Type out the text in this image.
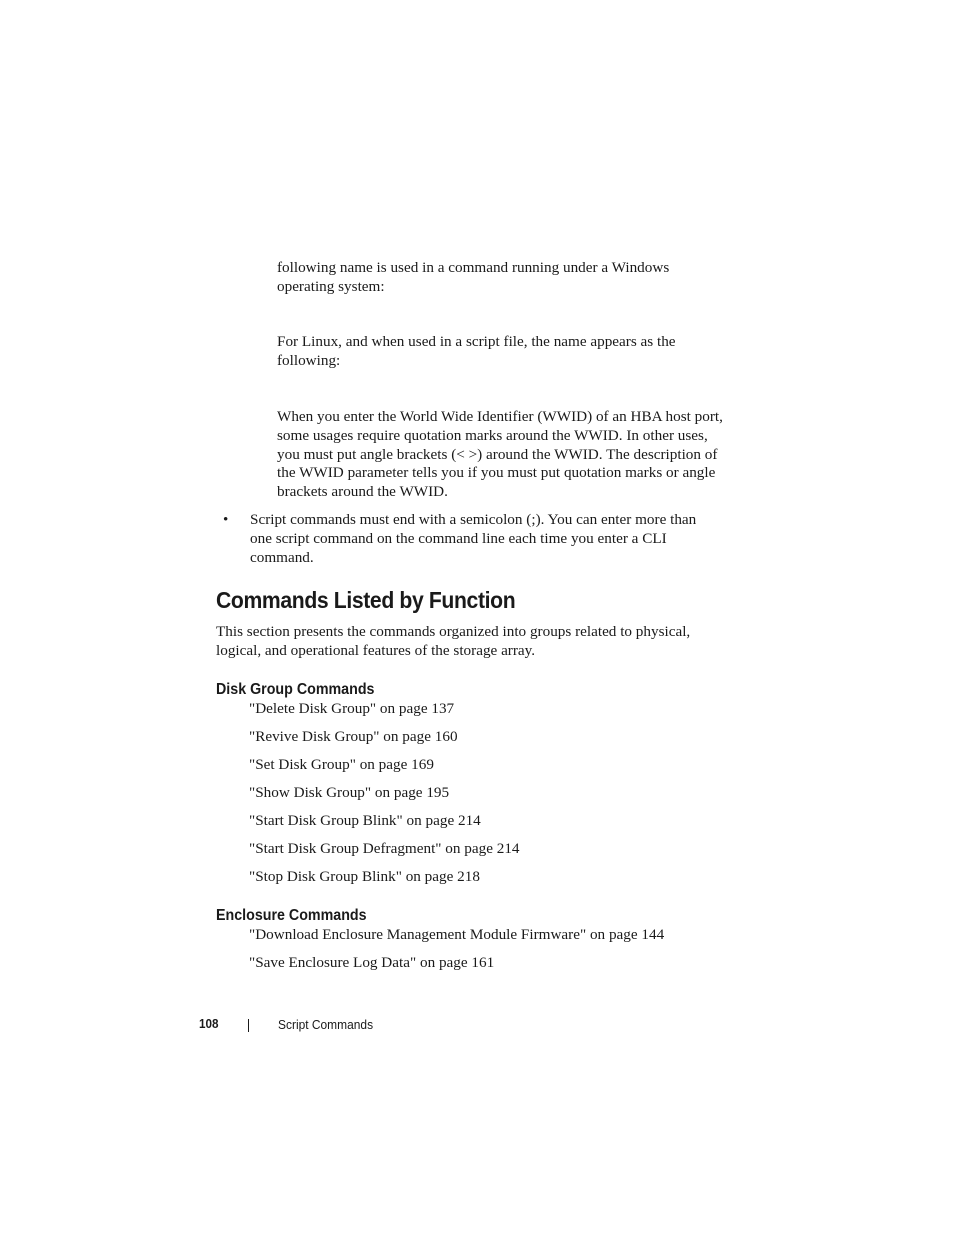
following name is used in a command running under a Windows operating system:

For Linux, and when used in a script file, the name appears as the following:

When you enter the World Wide Identifier (WWID) of an HBA host port, some usages require quotation marks around the WWID. In other uses, you must put angle brackets (< >) around the WWID. The description of the WWID parameter tells you if you must put quotation marks or angle brackets around the WWID.

• Script commands must end with a semicolon (;). You can enter more than one script command on the command line each time you enter a CLI command.

Commands Listed by Function

This section presents the commands organized into groups related to physical, logical, and operational features of the storage array.

Disk Group Commands
"Delete Disk Group" on page 137
"Revive Disk Group" on page 160
"Set Disk Group" on page 169
"Show Disk Group" on page 195
"Start Disk Group Blink" on page 214
"Start Disk Group Defragment" on page 214
"Stop Disk Group Blink" on page 218
Enclosure Commands
"Download Enclosure Management Module Firmware" on page 144
"Save Enclosure Log Data" on page 161
108	Script Commands
